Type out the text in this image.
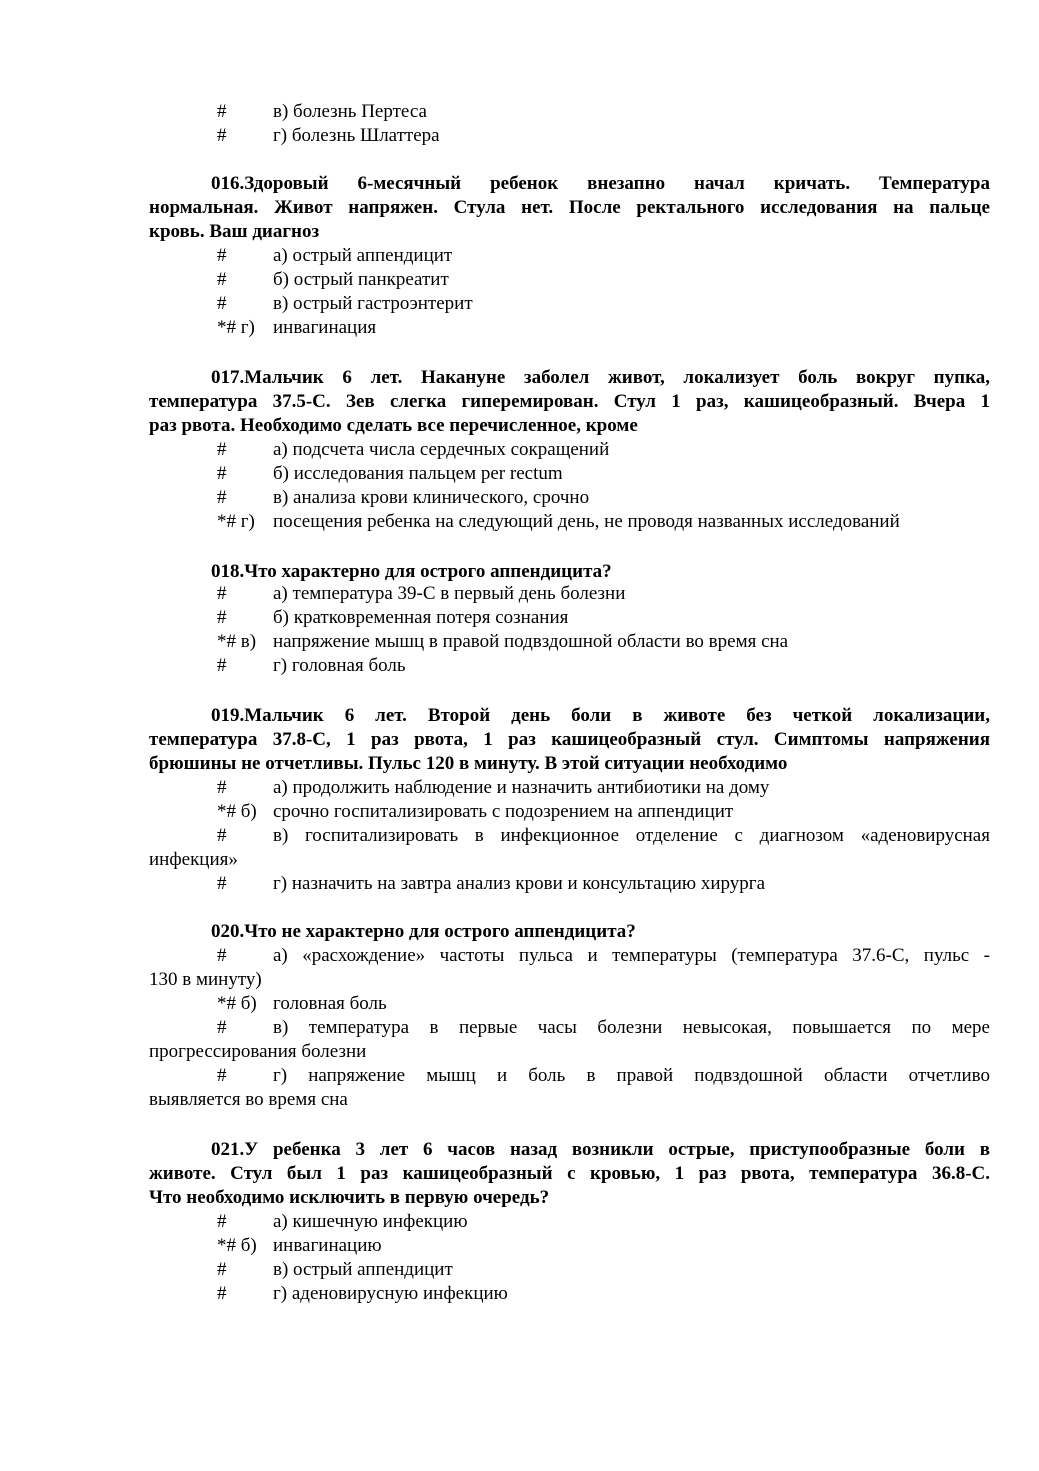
# в) болезнь Пертеса
# г) болезнь Шлаттера
016.Здоровый 6-месячный ребенок внезапно начал кричать. Температура
нормальная. Живот напряжен. Стула нет. После ректального исследования на пальце
кровь. Ваш диагноз
# а) острый аппендицит
# б) острый панкреатит
# в) острый гастроэнтерит
*# г) инвагинация
017.Мальчик 6 лет. Накануне заболел живот, локализует боль вокруг пупка,
температура 37.5-С. Зев слегка гиперемирован. Стул 1 раз, кашицеобразный. Вчера 1
раз рвота. Необходимо сделать все перечисленное, кроме
# а) подсчета числа сердечных сокращений
# б) исследования пальцем per rectum
# в) анализа крови клинического, срочно
*# г) посещения ребенка на следующий день, не проводя названных исследований
018.Что характерно для острого аппендицита?
# а) температура 39-С в первый день болезни
# б) кратковременная потеря сознания
*# в) напряжение мышц в правой подвздошной области во время сна
# г) головная боль
019.Мальчик 6 лет. Второй день боли в животе без четкой локализации,
температура 37.8-С, 1 раз рвота, 1 раз кашицеобразный стул. Симптомы напряжения
брюшины не отчетливы. Пульс 120 в минуту. В этой ситуации необходимо
# а) продолжить наблюдение и назначить антибиотики на дому
*# б) срочно госпитализировать с подозрением на аппендицит
# в) госпитализировать в инфекционное отделение с диагнозом «аденовирусная
инфекция»
# г) назначить на завтра анализ крови и консультацию хирурга
020.Что не характерно для острого аппендицита?
# а) «расхождение» частоты пульса и температуры (температура 37.6-С, пульс -
130 в минуту)
*# б) головная боль
# в) температура в первые часы болезни невысокая, повышается по мере
прогрессирования болезни
# г) напряжение мышц и боль в правой подвздошной области отчетливо
выявляется во время сна
021.У ребенка 3 лет 6 часов назад возникли острые, приступообразные боли в
животе. Стул был 1 раз кашицеобразный с кровью, 1 раз рвота, температура 36.8-С.
Что необходимо исключить в первую очередь?
# а) кишечную инфекцию
*# б) инвагинацию
# в) острый аппендицит
# г) аденовирусную инфекцию
